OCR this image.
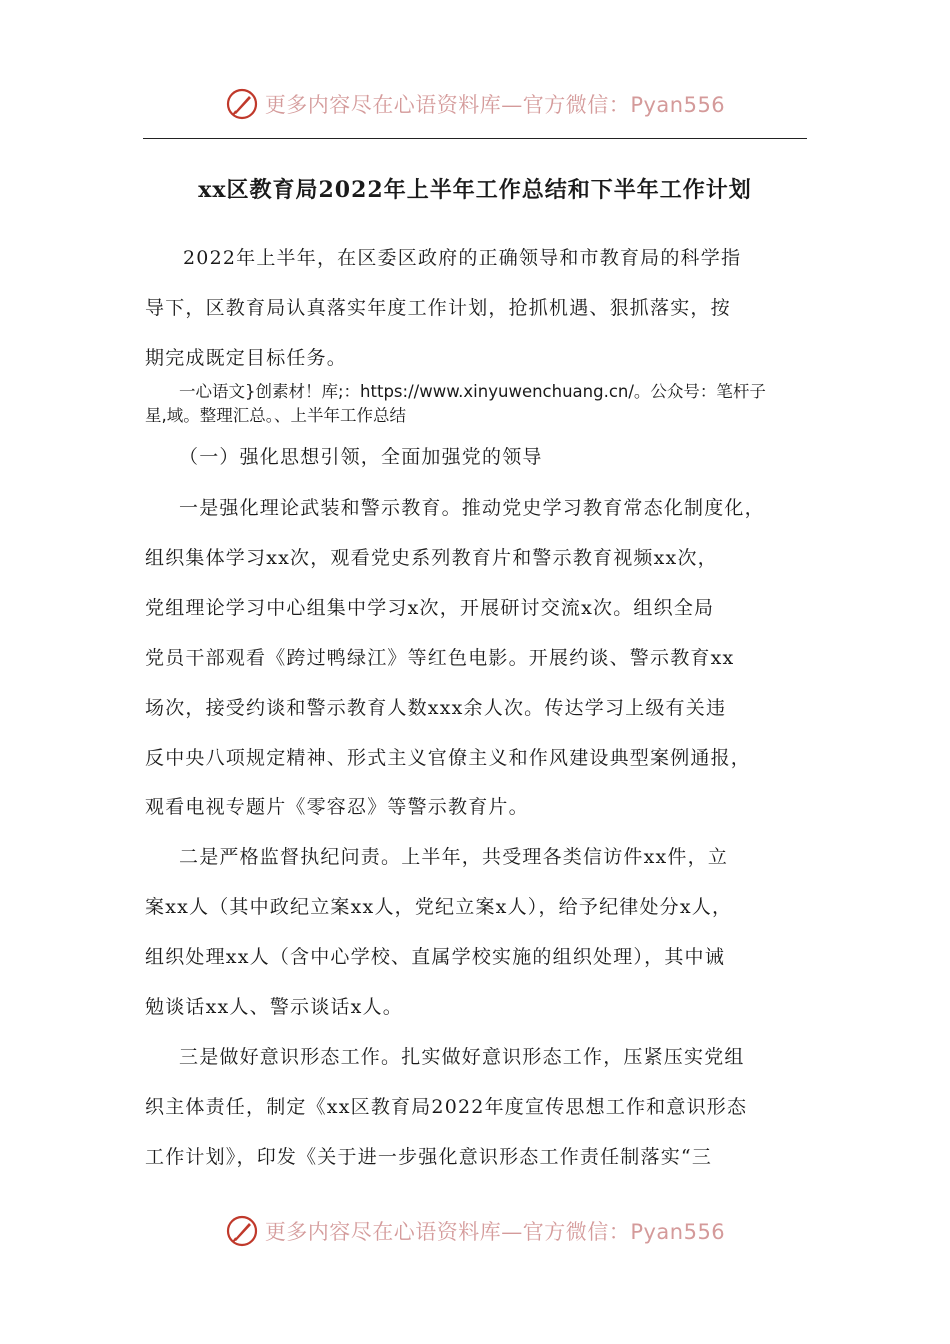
更多内容尽在心语资料库—官方微信：Pyan556
xx区教育局2022年上半年工作总结和下半年工作计划

2022年上半年，在区委区政府的正确领导和市教育局的科学指

导下，区教育局认真落实年度工作计划，抢抓机遇、狠抓落实，按

期完成既定目标任务。

一心语文}创素材！库;：https://www.xinyuwenchuang.cn/。公众号：笔杆子

星,域。整理汇总。、上半年工作总结

（一）强化思想引领，全面加强党的领导

一是强化理论武装和警示教育。推动党史学习教育常态化制度化，

组织集体学习xx次，观看党史系列教育片和警示教育视频xx次，

党组理论学习中心组集中学习x次，开展研讨交流x次。组织全局

党员干部观看《跨过鸭绿江》等红色电影。开展约谈、警示教育xx

场次，接受约谈和警示教育人数xxx余人次。传达学习上级有关违

反中央八项规定精神、形式主义官僚主义和作风建设典型案例通报，

观看电视专题片《零容忍》等警示教育片。

二是严格监督执纪问责。上半年，共受理各类信访件xx件，立

案xx人（其中政纪立案xx人，党纪立案x人），给予纪律处分x人，

组织处理xx人（含中心学校、直属学校实施的组织处理），其中诫

勉谈话xx人、警示谈话x人。

三是做好意识形态工作。扎实做好意识形态工作，压紧压实党组

织主体责任，制定《xx区教育局2022年度宣传思想工作和意识形态

工作计划》，印发《关于进一步强化意识形态工作责任制落实“三

更多内容尽在心语资料库—官方微信：Pyan556
